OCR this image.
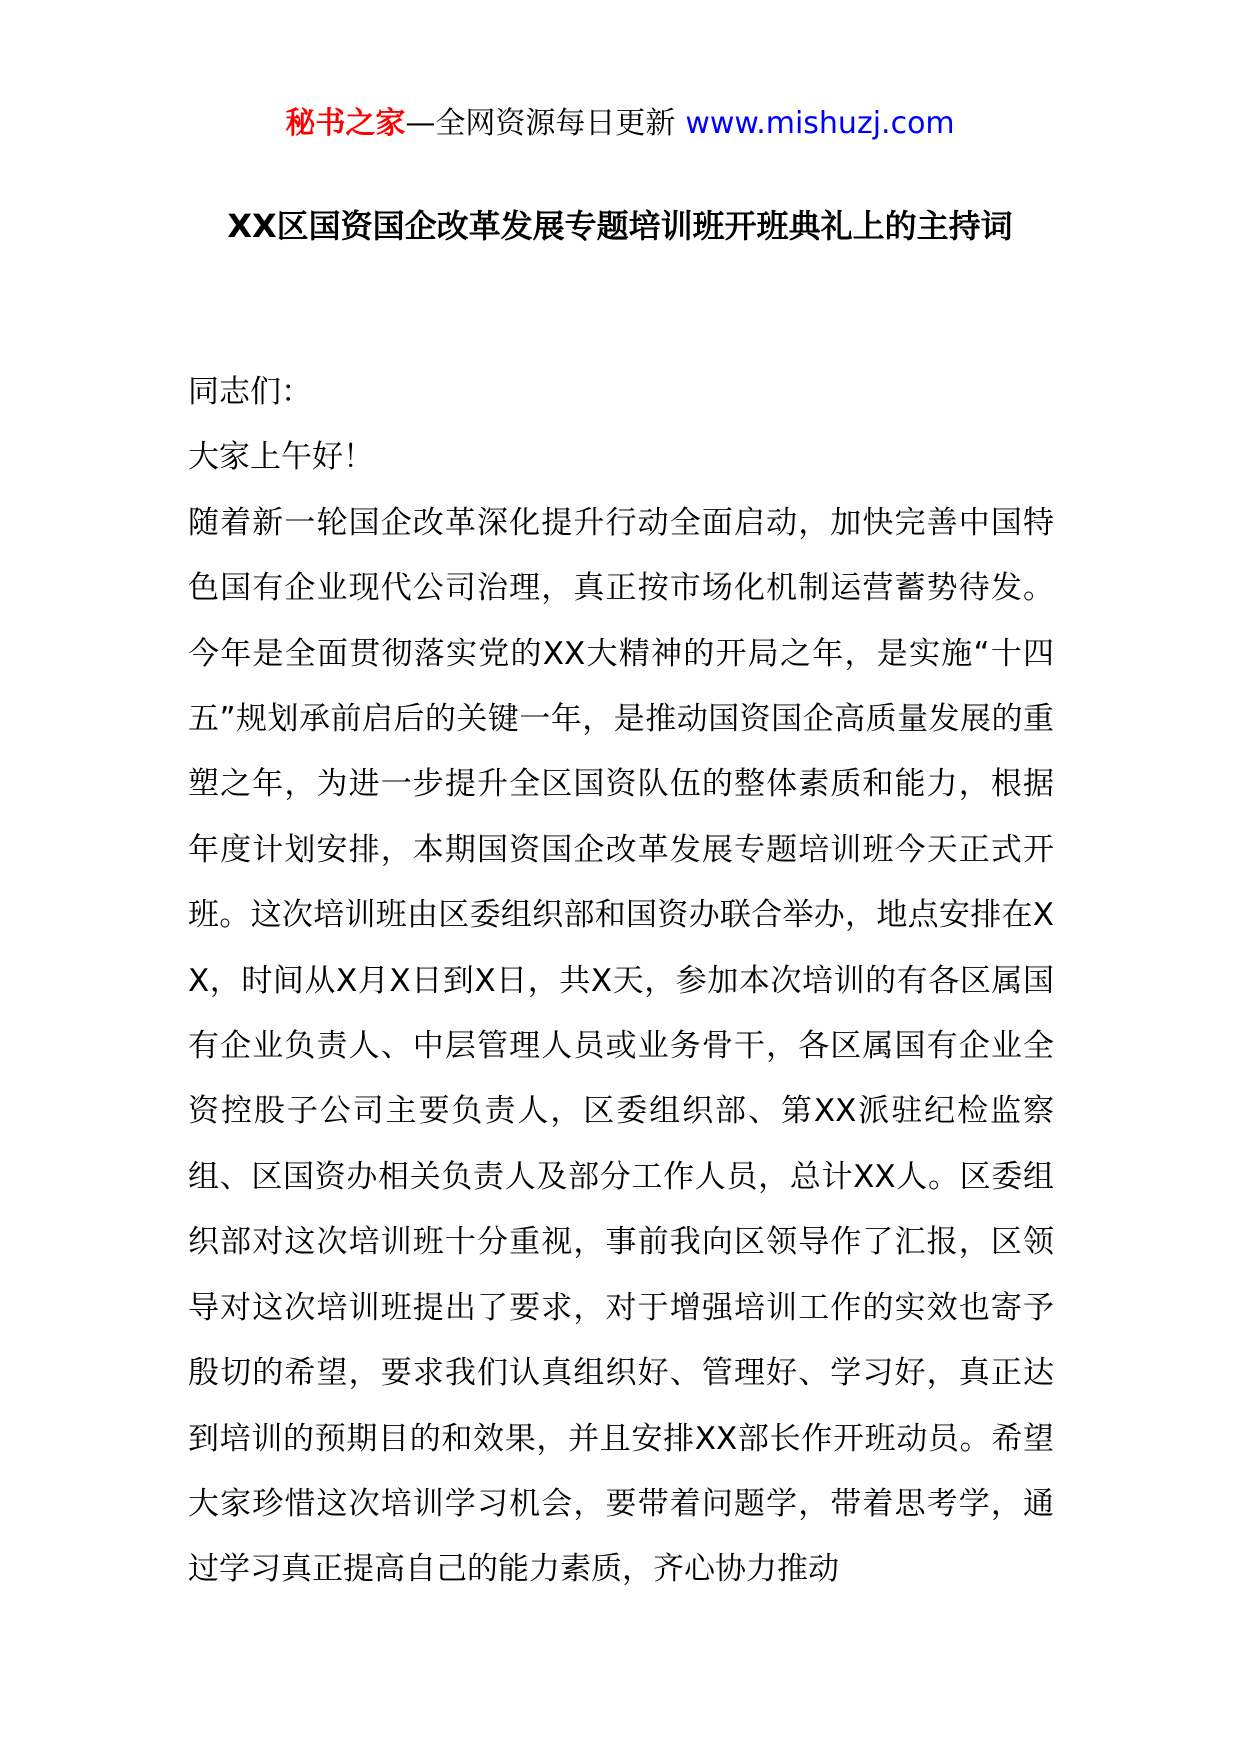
秘书之家—全网资源每日更新 www.mishuzj.com
XX区国资国企改革发展专题培训班开班典礼上的主持词

同志们：

大家上午好！

随着新一轮国企改革深化提升行动全面启动，加快完善中国特色国有企业现代公司治理，真正按市场化机制运营蓄势待发。今年是全面贯彻落实党的XX大精神的开局之年，是实施“十四五”规划承前启后的关键一年，是推动国资国企高质量发展的重塑之年，为进一步提升全区国资队伍的整体素质和能力，根据年度计划安排，本期国资国企改革发展专题培训班今天正式开班。这次培训班由区委组织部和国资办联合举办，地点安排在XX，时间从X月X日到X日，共X天，参加本次培训的有各区属国有企业负责人、中层管理人员或业务骨干，各区属国有企业全资控股子公司主要负责人，区委组织部、第XX派驻纪检监察组、区国资办相关负责人及部分工作人员，总计XX人。区委组织部对这次培训班十分重视，事前我向区领导作了汇报，区领导对这次培训班提出了要求，对于增强培训工作的实效也寄予殷切的希望，要求我们认真组织好、管理好、学习好，真正达到培训的预期目的和效果，并且安排XX部长作开班动员。希望大家珍惜这次培训学习机会，要带着问题学，带着思考学，通过学习真正提高自己的能力素质，齐心协力推动
